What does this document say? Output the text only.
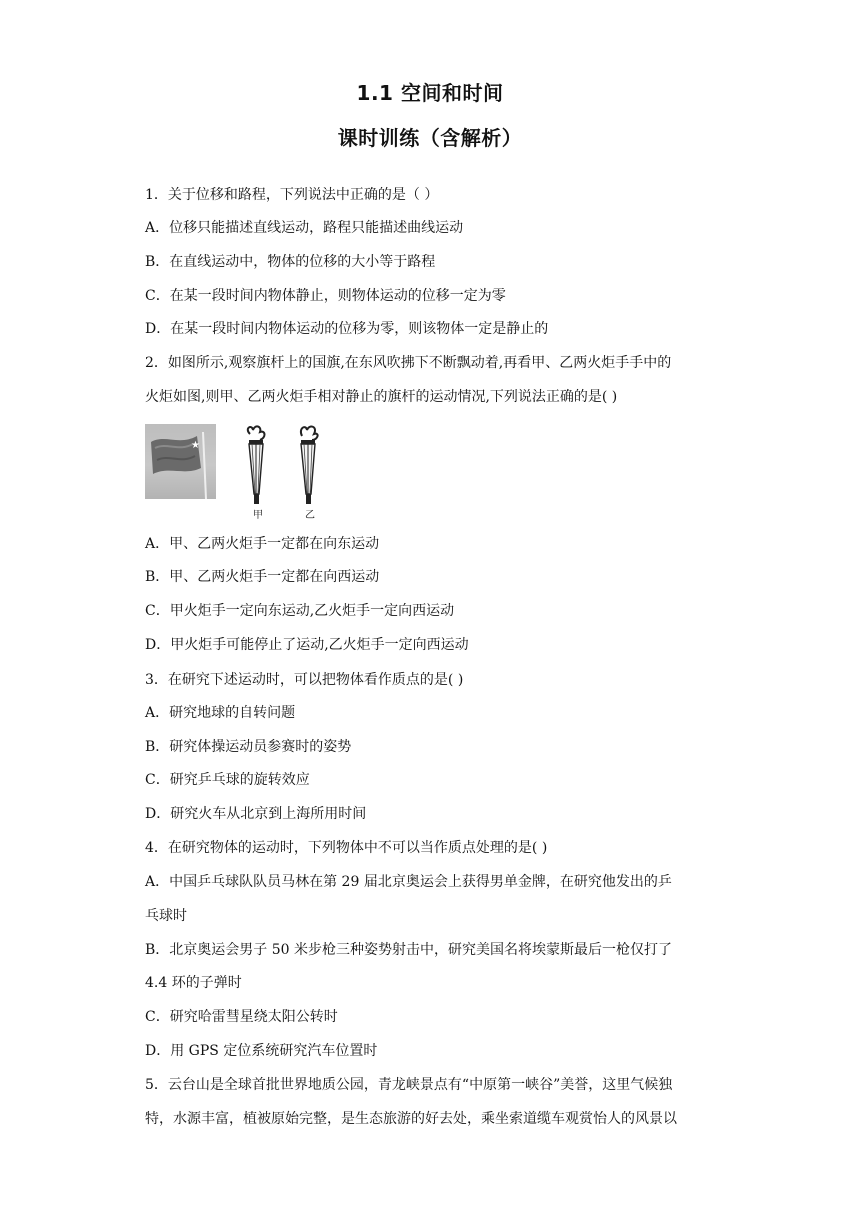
1.1 空间和时间
课时训练（含解析）
1．关于位移和路程，下列说法中正确的是（ ）
A．位移只能描述直线运动，路程只能描述曲线运动
B．在直线运动中，物体的位移的大小等于路程
C．在某一段时间内物体静止，则物体运动的位移一定为零
D．在某一段时间内物体运动的位移为零，则该物体一定是静止的
2．如图所示,观察旗杆上的国旗,在东风吹拂下不断飘动着,再看甲、乙两火炬手手中的
火炬如图,则甲、乙两火炬手相对静止的旗杆的运动情况,下列说法正确的是( )
★
甲	乙
A．甲、乙两火炬手一定都在向东运动
B．甲、乙两火炬手一定都在向西运动
C．甲火炬手一定向东运动,乙火炬手一定向西运动
D．甲火炬手可能停止了运动,乙火炬手一定向西运动
3．在研究下述运动时，可以把物体看作质点的是( )
A．研究地球的自转问题
B．研究体操运动员参赛时的姿势
C．研究乒乓球的旋转效应
D．研究火车从北京到上海所用时间
4．在研究物体的运动时，下列物体中不可以当作质点处理的是( )
A．中国乒乓球队队员马林在第 29 届北京奥运会上获得男单金牌，在研究他发出的乒
乓球时
B．北京奥运会男子 50 米步枪三种姿势射击中，研究美国名将埃蒙斯最后一枪仅打了
4.4 环的子弹时
C．研究哈雷彗星绕太阳公转时
D．用 GPS 定位系统研究汽车位置时
5．云台山是全球首批世界地质公园，青龙峡景点有“中原第一峡谷”美誉，这里气候独
特，水源丰富，植被原始完整，是生态旅游的好去处，乘坐索道缆车观赏怡人的风景以
